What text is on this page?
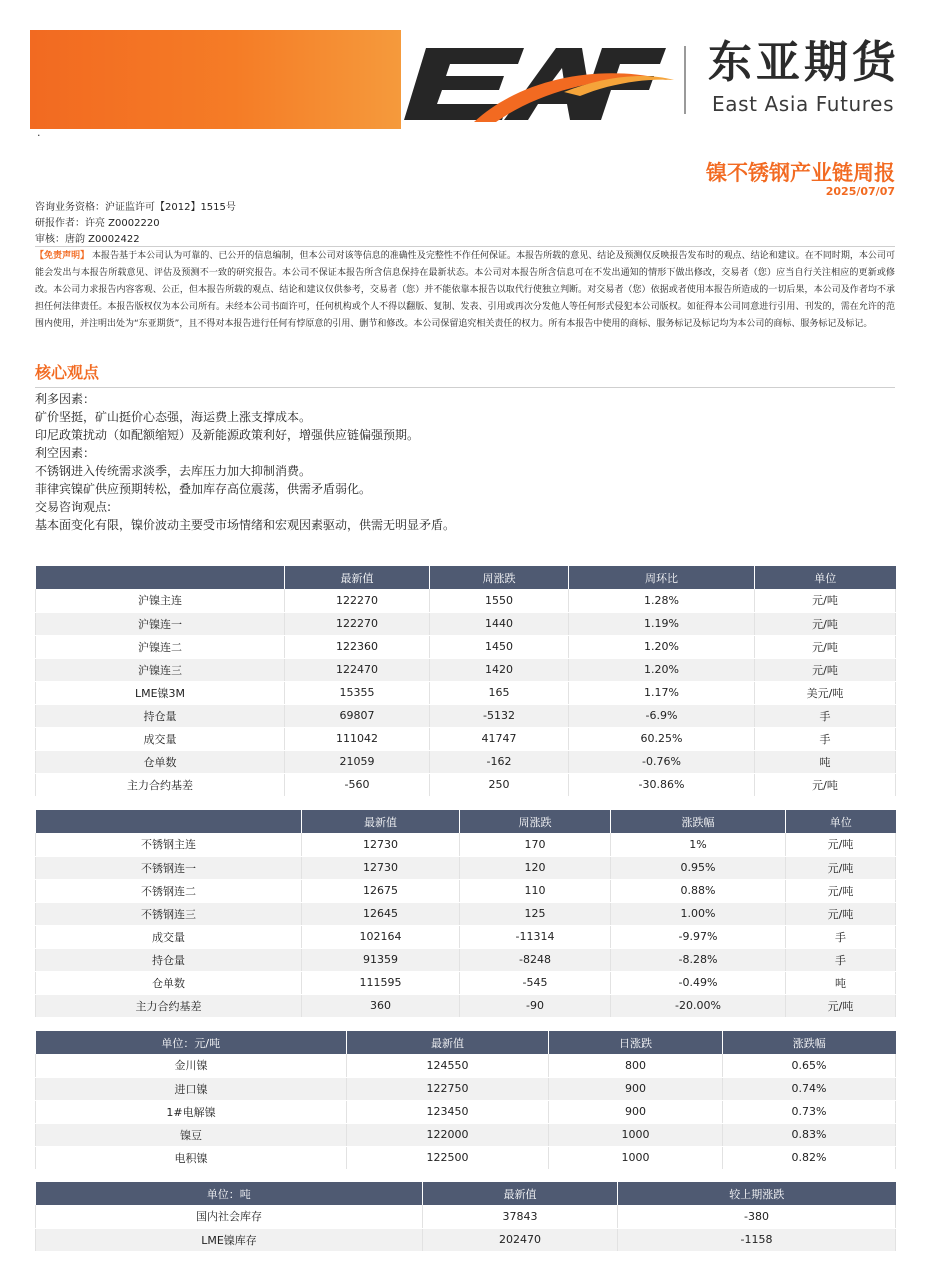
·
东亚期货
East Asia Futures
镍不锈钢产业链周报
2025/07/07
咨询业务资格：沪证监许可【2012】1515号
研报作者：许亮 Z0002220
审核：唐韵 Z0002422
【免责声明】 本报告基于本公司认为可靠的、已公开的信息编制，但本公司对该等信息的准确性及完整性不作任何保证。本报告所载的意见、结论及预测仅反映报告发布时的观点、结论和建议。在不同时期，本公司可能会发出与本报告所载意见、评估及预测不一致的研究报告。本公司不保证本报告所含信息保持在最新状态。本公司对本报告所含信息可在不发出通知的情形下做出修改，交易者（您）应当自行关注相应的更新或修改。本公司力求报告内容客观、公正，但本报告所载的观点、结论和建议仅供参考，交易者（您）并不能依靠本报告以取代行使独立判断。对交易者（您）依据或者使用本报告所造成的一切后果，本公司及作者均不承担任何法律责任。本报告版权仅为本公司所有。未经本公司书面许可，任何机构或个人不得以翻版、复制、发表、引用或再次分发他人等任何形式侵犯本公司版权。如征得本公司同意进行引用、刊发的，需在允许的范围内使用，并注明出处为“东亚期货”，且不得对本报告进行任何有悖原意的引用、删节和修改。本公司保留追究相关责任的权力。所有本报告中使用的商标、服务标记及标记均为本公司的商标、服务标记及标记。
核心观点
利多因素：
矿价坚挺，矿山挺价心态强，海运费上涨支撑成本。
印尼政策扰动（如配额缩短）及新能源政策利好，增强供应链偏强预期。
利空因素：
不锈钢进入传统需求淡季，去库压力加大抑制消费。
菲律宾镍矿供应预期转松，叠加库存高位震荡，供需矛盾弱化。
交易咨询观点:
基本面变化有限，镍价波动主要受市场情绪和宏观因素驱动，供需无明显矛盾。
	最新值	周涨跌	周环比	单位
沪镍主连	122270	1550	1.28%	元/吨
沪镍连一	122270	1440	1.19%	元/吨
沪镍连二	122360	1450	1.20%	元/吨
沪镍连三	122470	1420	1.20%	元/吨
LME镍3M	15355	165	1.17%	美元/吨
持仓量	69807	-5132	-6.9%	手
成交量	111042	41747	60.25%	手
仓单数	21059	-162	-0.76%	吨
主力合约基差	-560	250	-30.86%	元/吨
	最新值	周涨跌	涨跌幅	单位
不锈钢主连	12730	170	1%	元/吨
不锈钢连一	12730	120	0.95%	元/吨
不锈钢连二	12675	110	0.88%	元/吨
不锈钢连三	12645	125	1.00%	元/吨
成交量	102164	-11314	-9.97%	手
持仓量	91359	-8248	-8.28%	手
仓单数	111595	-545	-0.49%	吨
主力合约基差	360	-90	-20.00%	元/吨
单位：元/吨	最新值	日涨跌	涨跌幅
金川镍	124550	800	0.65%
进口镍	122750	900	0.74%
1#电解镍	123450	900	0.73%
镍豆	122000	1000	0.83%
电积镍	122500	1000	0.82%
单位：吨	最新值	较上期涨跌
国内社会库存	37843	-380
LME镍库存	202470	-1158
